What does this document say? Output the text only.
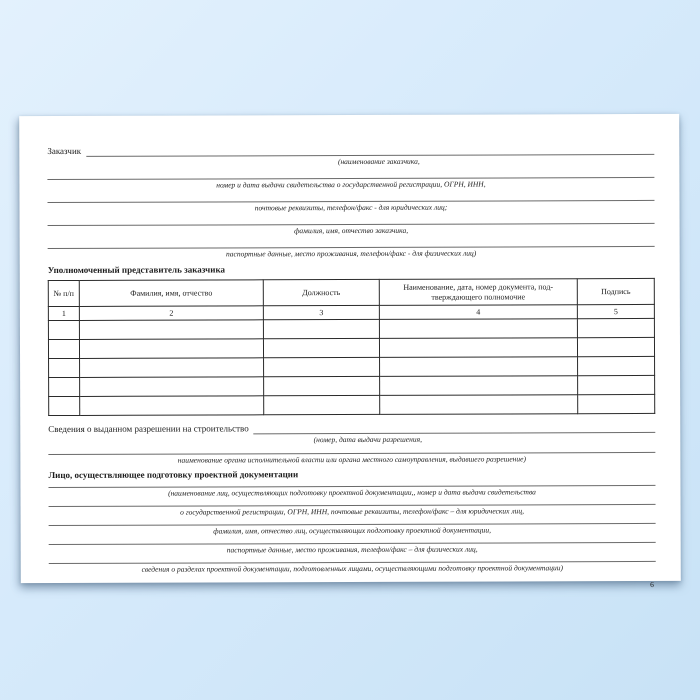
Заказчик
(наименование заказчика,
номер и дата выдачи свидетельства о государственной регистрации, ОГРН, ИНН,
почтовые реквизиты, телефон/факс - для юридических лиц;
фамилия, имя, отчество заказчика,
паспортные данные, место проживания, телефон/факс - для физических лиц)
Уполномоченный представитель заказчика
№ п/п	Фамилия, имя, отчество	Должность	Наименование, дата, номер документа, под-
тверждающего полномочие	Подпись
1	2	3	4	5

Сведения о выданном разрешении на строительство
(номер, дата выдачи разрешения,
наименование органа исполнительной власти или органа местного самоуправления, выдавшего разрешение)
Лицо, осуществляющее подготовку проектной документации
(наименование лиц, осуществляющих подготовку проектной документации,, номер и дата выдачи свидетельства
о государственной регистрации, ОГРН, ИНН, почтовые реквизиты, телефон/факс – для юридических лиц,
фамилия, имя, отчество лиц, осуществляющих подготовку проектной документации,
паспортные данные, место проживания, телефон/факс – для физических лиц,
сведения о разделах проектной документации, подготовленных лицами, осуществляющими подготовку проектной документации)
6
